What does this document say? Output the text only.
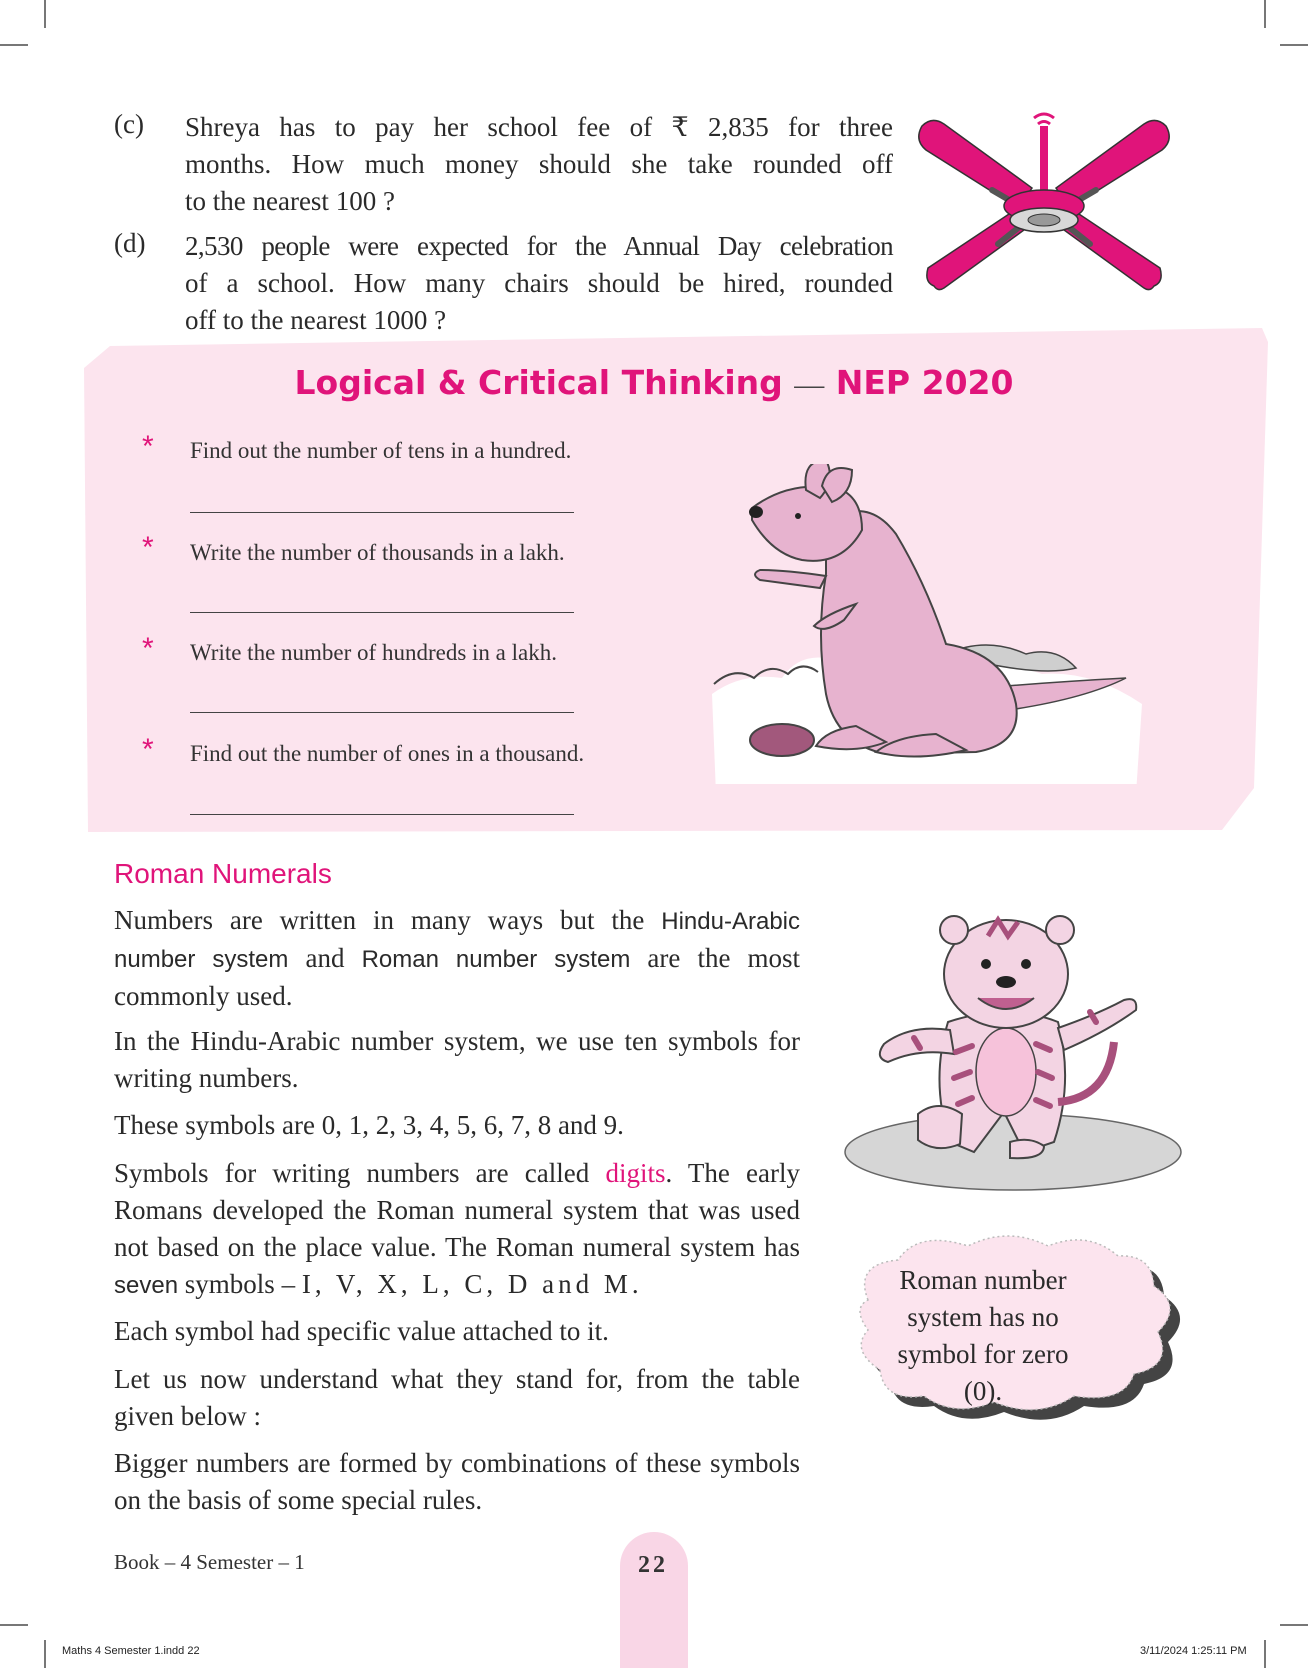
(c) Shreya has to pay her school fee of ₹ 2,835 for three
months. How much money should she take rounded off
to the nearest 100 ?
(d) 2,530 people were expected for the Annual Day celebration
of a school. How many chairs should be hired, rounded
off to the nearest 1000 ?
Logical & Critical Thinking — NEP 2020
* Find out the number of tens in a hundred.
* Write the number of thousands in a lakh.
* Write the number of hundreds in a lakh.
* Find out the number of ones in a thousand.
Roman Numerals
Numbers are written in many ways but the Hindu-Arabic number system and Roman number system are the most commonly used.
In the Hindu-Arabic number system, we use ten symbols for writing numbers.
These symbols are 0, 1, 2, 3, 4, 5, 6, 7, 8 and 9.
Symbols for writing numbers are called digits. The early Romans developed the Roman numeral system that was used not based on the place value. The Roman numeral system has seven symbols – I, V, X, L, C, D and M.
Each symbol had specific value attached to it.
Let us now understand what they stand for, from the table given below :
Bigger numbers are formed by combinations of these symbols on the basis of some special rules.
Roman number system has no symbol for zero (0).
Book – 4 Semester – 1	22
Maths 4 Semester 1.indd 22	3/11/2024 1:25:11 PM
